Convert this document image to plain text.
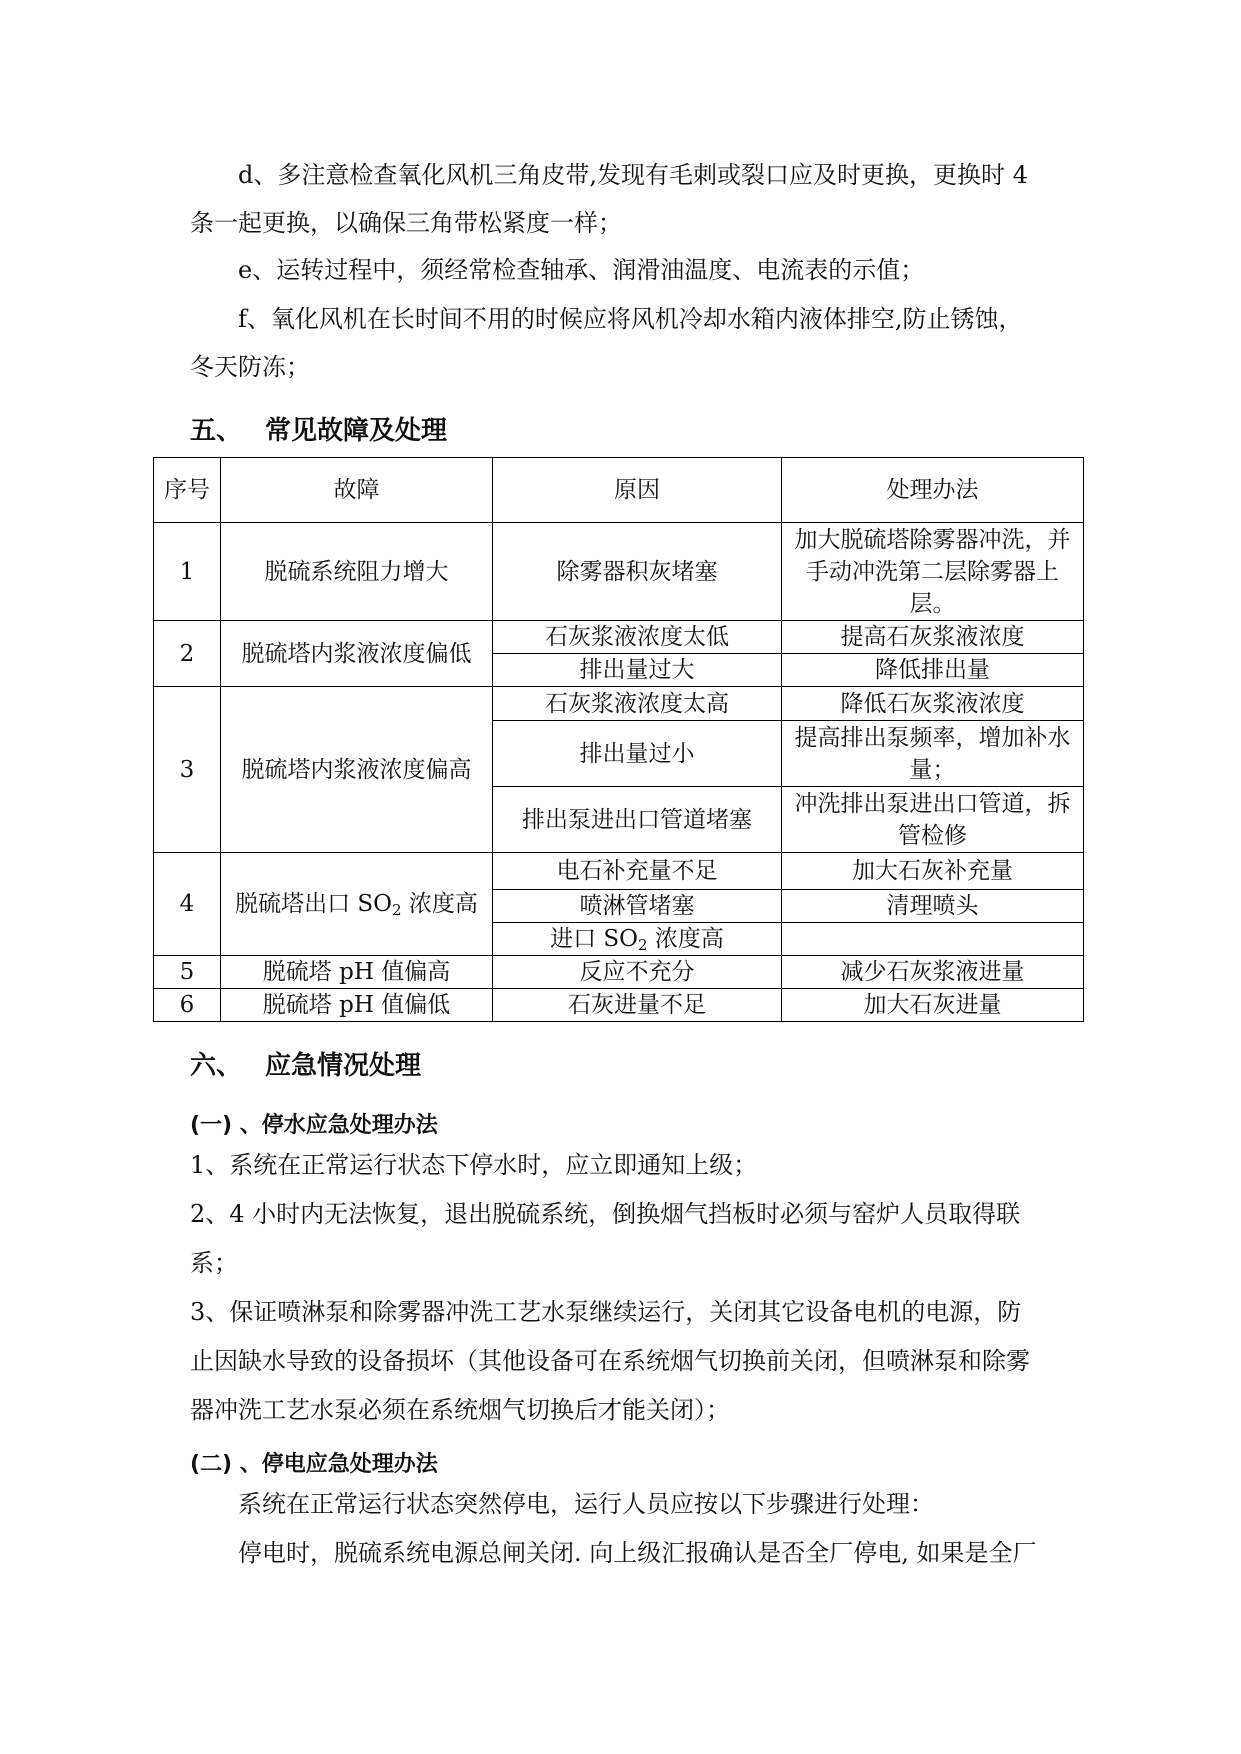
d、多注意检查氧化风机三角皮带,发现有毛刺或裂口应及时更换，更换时 4
条一起更换，以确保三角带松紧度一样；
e、运转过程中，须经常检查轴承、润滑油温度、电流表的示值；
f、氧化风机在长时间不用的时候应将风机冷却水箱内液体排空,防止锈蚀，
冬天防冻；
五、 常见故障及处理
序号	故障	原因	处理办法
1	脱硫系统阻力增大	除雾器积灰堵塞	加大脱硫塔除雾器冲洗，并手动冲洗第二层除雾器上层。
2	脱硫塔内浆液浓度偏低	石灰浆液浓度太低	提高石灰浆液浓度
		排出量过大	降低排出量
3	脱硫塔内浆液浓度偏高	石灰浆液浓度太高	降低石灰浆液浓度
		排出量过小	提高排出泵频率，增加补水量；
		排出泵进出口管道堵塞	冲洗排出泵进出口管道，拆管检修
4	脱硫塔出口 $SO_2$ 浓度高	电石补充量不足	加大石灰补充量
		喷淋管堵塞	清理喷头
		进口 $SO_2$ 浓度高	
5	脱硫塔 pH 值偏高	反应不充分	减少石灰浆液进量
6	脱硫塔 pH 值偏低	石灰进量不足	加大石灰进量
六、 应急情况处理
(一) 、停水应急处理办法
1、系统在正常运行状态下停水时，应立即通知上级；
2、4 小时内无法恢复，退出脱硫系统，倒换烟气挡板时必须与窑炉人员取得联
系；
3、保证喷淋泵和除雾器冲洗工艺水泵继续运行，关闭其它设备电机的电源，防
止因缺水导致的设备损坏（其他设备可在系统烟气切换前关闭，但喷淋泵和除雾
器冲洗工艺水泵必须在系统烟气切换后才能关闭）；
(二) 、停电应急处理办法
系统在正常运行状态突然停电，运行人员应按以下步骤进行处理：
停电时，脱硫系统电源总闸关闭. 向上级汇报确认是否全厂停电, 如果是全厂
